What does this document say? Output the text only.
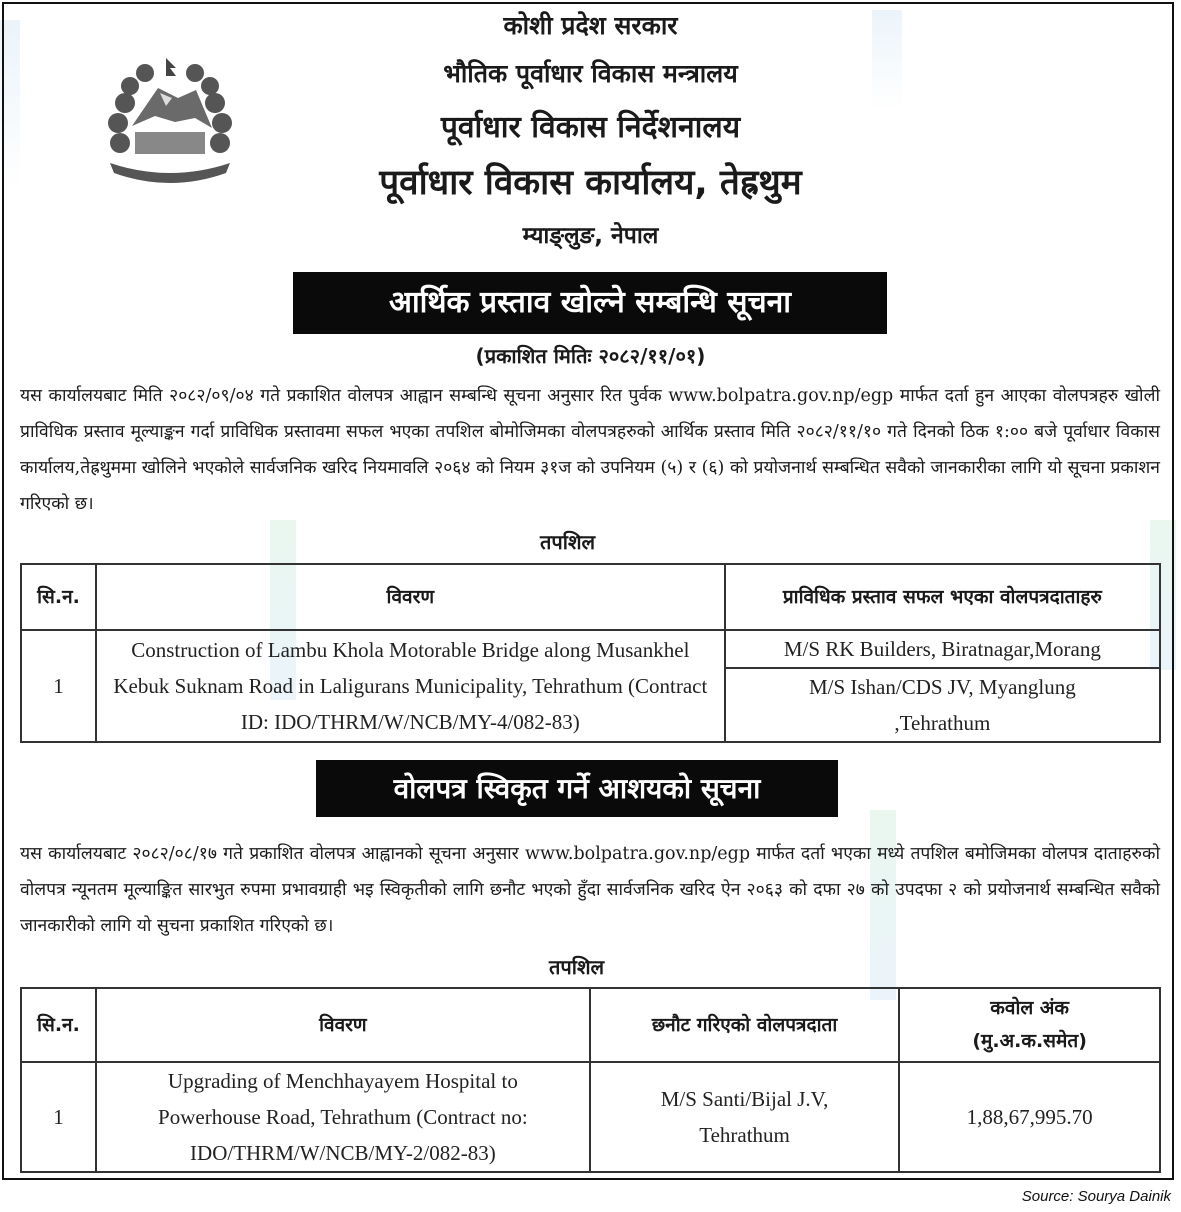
कोशी प्रदेश सरकार
भौतिक पूर्वाधार विकास मन्त्रालय
पूर्वाधार विकास निर्देशनालय
पूर्वाधार विकास कार्यालय, तेह्रथुम
म्याङ्लुङ, नेपाल
आर्थिक प्रस्ताव खोल्ने सम्बन्धि सूचना
(प्रकाशित मितिः २०८२/११/०१)
यस कार्यालयबाट मिति २०८२/०९/०४ गते प्रकाशित वोलपत्र आह्वान सम्बन्धि सूचना अनुसार रित पुर्वक www.bolpatra.gov.np/egp मार्फत दर्ता हुन आएका वोलपत्रहरु खोली प्राविधिक प्रस्ताव मूल्याङ्कन गर्दा प्राविधिक प्रस्तावमा सफल भएका तपशिल बोमोजिमका वोलपत्रहरुको आर्थिक प्रस्ताव मिति २०८२/११/१० गते दिनको ठिक १:०० बजे पूर्वाधार विकास कार्यालय,तेह्रथुममा खोलिने भएकोले सार्वजनिक खरिद नियमावलि २०६४ को नियम ३१ज को उपनियम (५) र (६) को प्रयोजनार्थ सम्बन्धित सवैको जानकारीका लागि यो सूचना प्रकाशन गरिएको छ।
तपशिल
सि.न.	विवरण	प्राविधिक प्रस्ताव सफल भएका वोलपत्रदाताहरु
1	Construction of Lambu Khola Motorable Bridge along Musankhel Kebuk Suknam Road in Laligurans Municipality, Tehrathum (Contract ID: IDO/THRM/W/NCB/MY-4/082-83)	M/S RK Builders, Biratnagar,Morang
		M/S Ishan/CDS JV, Myanglung ,Tehrathum
वोलपत्र स्विकृत गर्ने आशयको सूचना
यस कार्यालयबाट २०८२/०८/१७ गते प्रकाशित वोलपत्र आह्वानको सूचना अनुसार www.bolpatra.gov.np/egp मार्फत दर्ता भएका मध्ये तपशिल बमोजिमका वोलपत्र दाताहरुको वोलपत्र न्यूनतम मूल्याङ्कित सारभुत रुपमा प्रभावग्राही भइ स्विकृतीको लागि छनौट भएको हुँदा सार्वजनिक खरिद ऐन २०६३ को दफा २७ को उपदफा २ को प्रयोजनार्थ सम्बन्धित सवैको जानकारीको लागि यो सुचना प्रकाशित गरिएको छ।
तपशिल
सि.न.	विवरण	छनौट गरिएको वोलपत्रदाता	कवोल अंक (मु.अ.क.समेत)
1	Upgrading of Menchhayayem Hospital to Powerhouse Road, Tehrathum (Contract no: IDO/THRM/W/NCB/MY-2/082-83)	M/S Santi/Bijal J.V, Tehrathum	1,88,67,995.70
Source: Sourya Dainik
